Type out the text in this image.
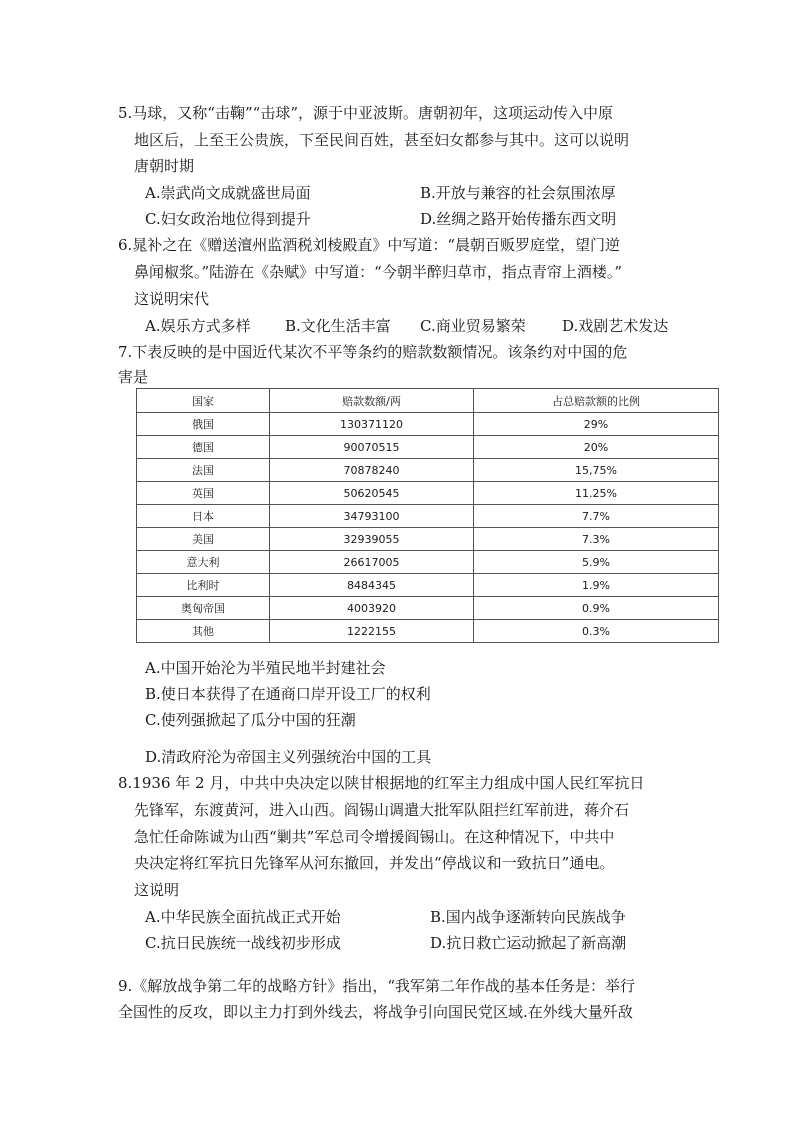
5.马球，又称“击鞠”“击球”，源于中亚波斯。唐朝初年，这项运动传入中原
地区后，上至王公贵族，下至民间百姓，甚至妇女都参与其中。这可以说明
唐朝时期
A.崇武尚文成就盛世局面	B.开放与兼容的社会氛围浓厚
C.妇女政治地位得到提升	D.丝绸之路开始传播东西文明
6.晁补之在《赠送澶州监酒税刘棱殿直》中写道：“晨朝百贩罗庭堂，望门逆
鼻闻椒浆。”陆游在《杂赋》中写道：“今朝半醉归草市，指点青帘上酒楼。”
这说明宋代
A.娱乐方式多样 B.文化生活丰富 C.商业贸易繁荣 D.戏剧艺术发达
7.下表反映的是中国近代某次不平等条约的赔款数额情况。该条约对中国的危
害是
国家	赔款数额/两	占总赔款额的比例
俄国	130371120	29%
德国	90070515	20%
法国	70878240	15,75%
英国	50620545	11.25%
日本	34793100	7.7%
美国	32939055	7.3%
意大利	26617005	5.9%
比利时	8484345	1.9%
奥匈帝国	4003920	0.9%
其他	1222155	0.3%
A.中国开始沦为半殖民地半封建社会
B.使日本获得了在通商口岸开设工厂的权利
C.使列强掀起了瓜分中国的狂潮
D.清政府沦为帝国主义列强统治中国的工具
8.1936 年 2 月，中共中央决定以陕甘根据地的红军主力组成中国人民红军抗日
先锋军，东渡黄河，进入山西。阎锡山调遣大批军队阻拦红军前进，蒋介石
急忙任命陈诚为山西“剿共”军总司令增援阎锡山。在这种情况下，中共中
央决定将红军抗日先锋军从河东撤回，并发出“停战议和一致抗日”通电。
这说明
A.中华民族全面抗战正式开始	B.国内战争逐渐转向民族战争
C.抗日民族统一战线初步形成	D.抗日救亡运动掀起了新高潮
9.《解放战争第二年的战略方针》指出，“我军第二年作战的基本任务是：举行
全国性的反攻，即以主力打到外线去，将战争引向国民党区域.在外线大量歼敌
